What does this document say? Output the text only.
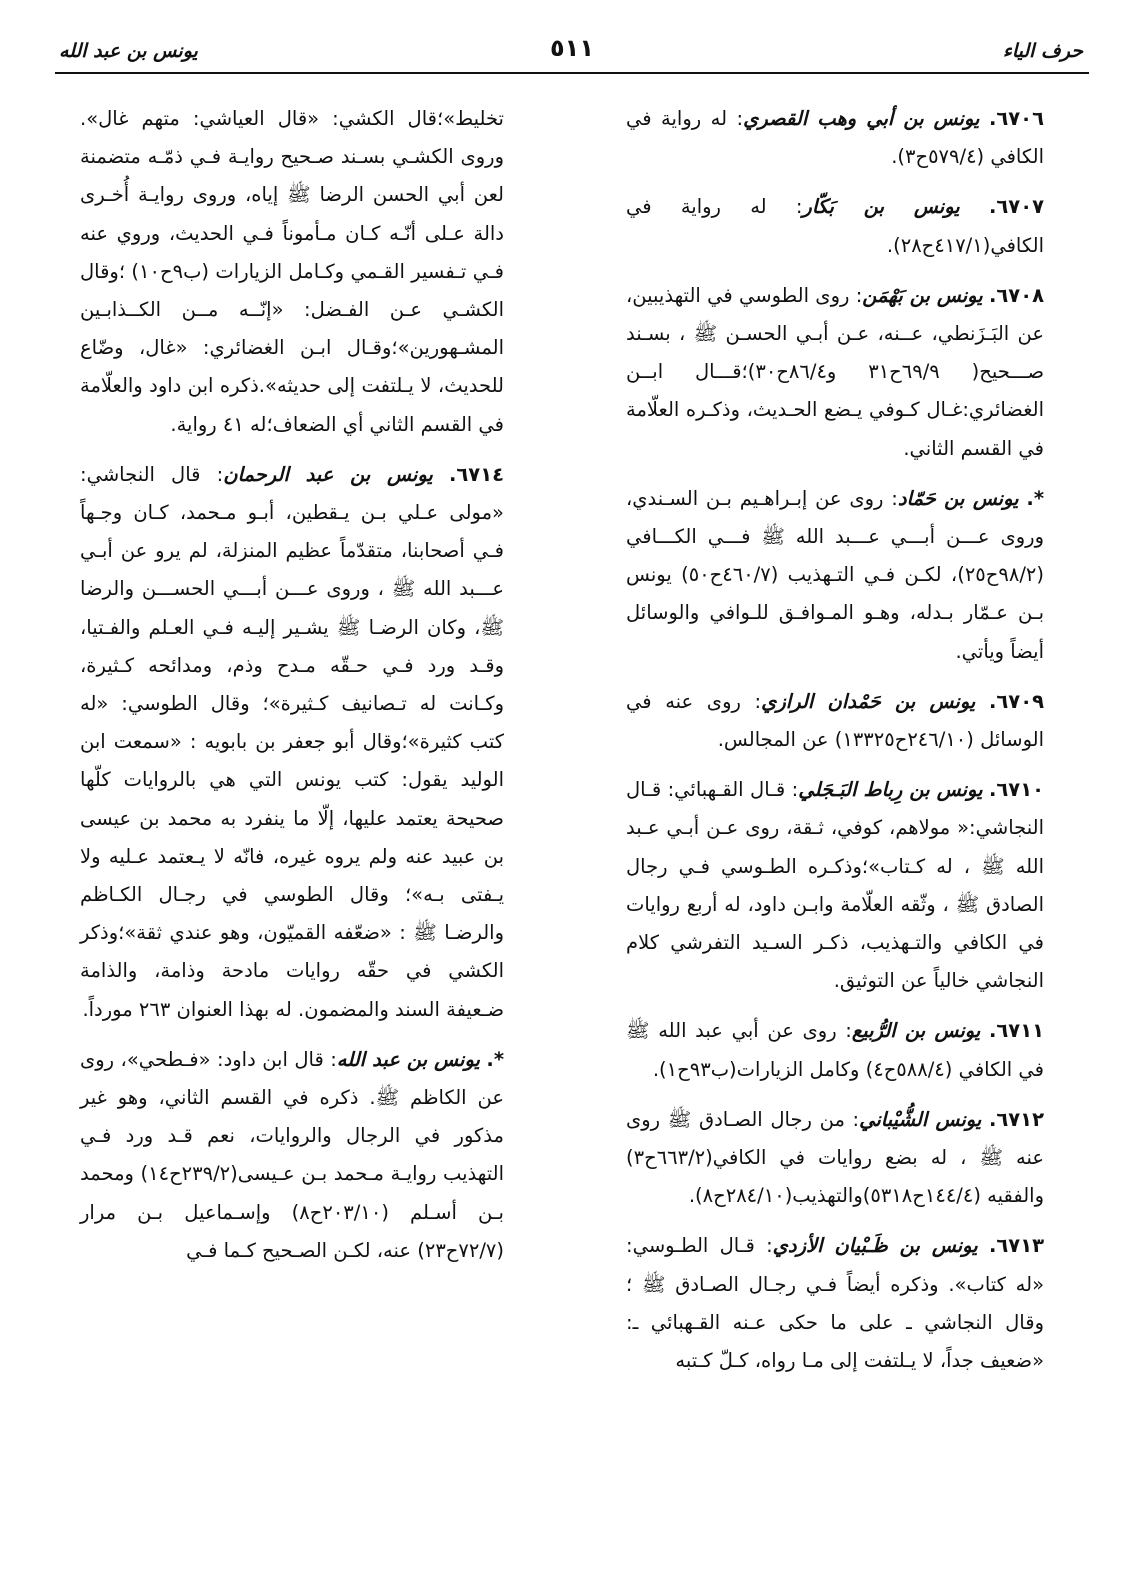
حرف الياء
٥١١
يونس بن عبد الله

٦٧٠٦. يونس بن أبي وهب القصري: له رواية في الكافي (٥٧٩/٤ح٣).

٦٧٠٧. يونس بن بَكّار: له رواية في الكافي(٤١٧/١ح٢٨).

٦٧٠٨. يونس بن بَهْمَن: روى الطوسي في التهذيبين، عن البَـزَنطي، عــنه، عـن أبـي الحسـن ﷺ ، بسـند صـــحيح( ٦٩/٩ح٣١ و٨٦/٤ح٣٠)؛قـــال ابــن الغضائري:غـال كـوفي يـضع الحـديث، وذكـره العلّامة في القسم الثاني.

*. يونس بن حَمّاد: روى عن إبـراهـيم بـن السـندي، وروى عـــن أبـــي عـــبد الله ﷺ فـــي الكـــافي (٩٨/٢ح٢٥)، لكـن فـي التـهذيب (٤٦٠/٧ح٥٠) يونس بـن عـمّار بـدله، وهـو المـوافـق للـوافي والوسائل أيضاً ويأتي.

٦٧٠٩. يونس بن حَمْدان الرازي: روى عنه في الوسائل (٢٤٦/١٠ح١٣٣٢٥) عن المجالس.

٦٧١٠. يونس بن رِباط البَـجَلي: قـال القـهبائي: قـال النجاشي:« مولاهم، كوفي، ثـقة، روى عـن أبـي عـبد الله ﷺ ، له كـتاب»؛وذكـره الطـوسي فـي رجال الصادق ﷺ ، وثّقه العلّامة وابـن داود، له أربع روايات في الكافي والتـهذيب، ذكـر السـيد التفرشي كلام النجاشي خالياً عن التوثيق.

٦٧١١. يونس بن الرُّبيع: روى عن أبي عبد الله ﷺ في الكافي (٥٨٨/٤ح٤) وكامل الزيارات(ب٩٣ح١).

٦٧١٢. يونس الشُّيْباني: من رجال الصـادق ﷺ روى عنه ﷺ ، له بضع روايات في الكافي(٦٦٣/٢ح٣) والفقيه (١٤٤/٤ح٥٣١٨)والتهذيب(٢٨٤/١٠ح٨).

٦٧١٣. يونس بن ظَـبْيان الأزدي: قـال الطـوسي: «له كتاب». وذكره أيضاً فـي رجـال الصـادق ﷺ ؛ وقال النجاشي ـ على ما حكى عـنه القـهبائي ـ: «ضعيف جداً، لا يـلتفت إلى مـا رواه، كـلّ كـتبه

تخليط»؛قال الكشي: «قال العياشي: متهم غال». وروى الكشـي بسـند صـحيح روايـة فـي ذمّـه متضمنة لعن أبي الحسن الرضا ﷺ إياه، وروى روايـة أُخـرى دالة عـلى أنّـه كـان مـأموناً فـي الحديث، وروي عنه فـي تـفسير القـمي وكـامل الزيارات (ب٩ح١٠) ؛وقال الكشـي عـن الفـضل: «إنّــه مــن الكــذابـين المشـهورين»؛وقـال ابـن الغضائري: «غال، وضّاع للحديث، لا يـلتفت إلى حديثه».ذكره ابن داود والعلّامة في القسم الثاني أي الضعاف؛له ٤١ رواية.

٦٧١٤. يونس بن عبد الرحمان: قال النجاشي: «مولى عـلي بـن يـقطين، أبـو مـحمد، كـان وجـهاً فـي أصحابنا، متقدّماً عظيم المنزلة، لم يرو عن أبـي عـــبد الله ﷺ ، وروى عـــن أبـــي الحســـن والرضا ﷺ، وكان الرضـا ﷺ يشـير إليـه فـي العـلم والفـتيا، وقـد ورد فـي حـقّه مـدح وذم، ومدائحه كـثيرة، وكـانت له تـصانيف كـثيرة»؛ وقال الطوسي: «له كتب كثيرة»؛وقال أبو جعفر بن بابويه : «سمعت ابن الوليد يقول: كتب يونس التي هي بالروايات كلّها صحيحة يعتمد عليها، إلّا ما ينفرد به محمد بن عيسى بن عبيد عنه ولم يروه غيره، فانّه لا يـعتمد عـليه ولا يـفتى بـه»؛ وقال الطوسي في رجـال الكـاظم والرضـا ﷺ : «ضعّفه القميّون، وهو عندي ثقة»؛وذكر الكشي في حقّه روايات مادحة وذامة، والذامة ضـعيفة السند والمضمون. له بهذا العنوان ٢٦٣ مورداً.

*. يونس بن عبد الله: قال ابن داود: «فـطحي»، روى عن الكاظم ﷺ. ذكره في القسم الثاني، وهو غير مذكور في الرجال والروايات، نعم قـد ورد فـي التهذيب روايـة مـحمد بـن عـيسى(٢٣٩/٢ح١٤) ومحمد بـن أسـلم (٢٠٣/١٠ح٨) وإسـماعيل بـن مرار (٧٢/٧ح٢٣) عنه، لكـن الصـحيح كـما فـي
